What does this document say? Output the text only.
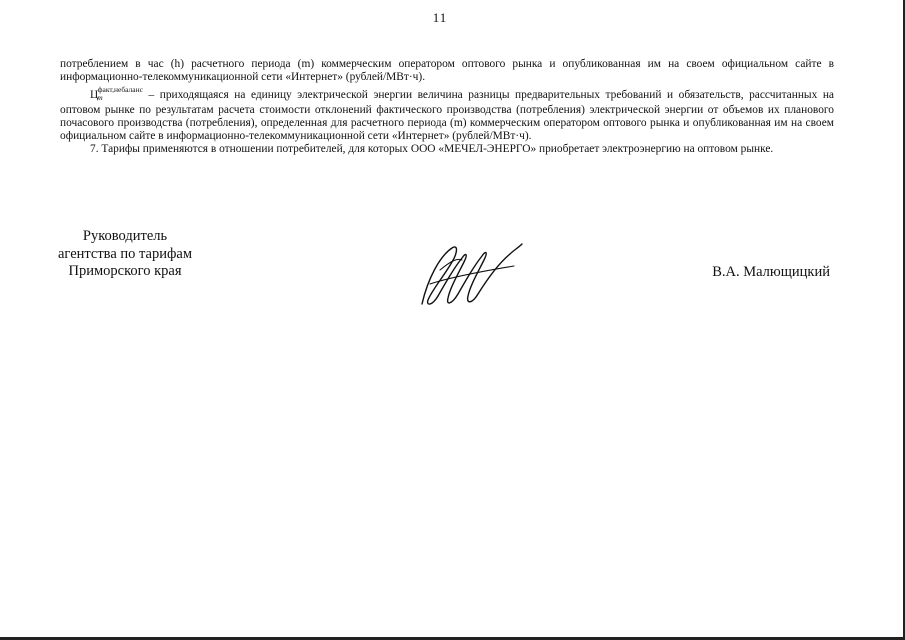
11

потреблением в час (h) расчетного периода (m) коммерческим оператором оптового рынка и опубликованная им на своем официальном сайте в информационно-телекоммуникационной сети «Интернет» (рублей/МВт·ч).

$Ц_m^{факт,небаланс}$ – приходящаяся на единицу электрической энергии величина разницы предварительных требований и обязательств, рассчитанных на оптовом рынке по результатам расчета стоимости отклонений фактического производства (потребления) электрической энергии от объемов их планового почасового производства (потребления), определенная для расчетного периода (m) коммерческим оператором оптового рынка и опубликованная им на своем официальном сайте в информационно-телекоммуникационной сети «Интернет» (рублей/МВт·ч).

7. Тарифы применяются в отношении потребителей, для которых ООО «МЕЧЕЛ-ЭНЕРГО» приобретает электроэнергию на оптовом рынке.

Руководитель
агентства по тарифам
Приморского края	В.А. Малющицкий
